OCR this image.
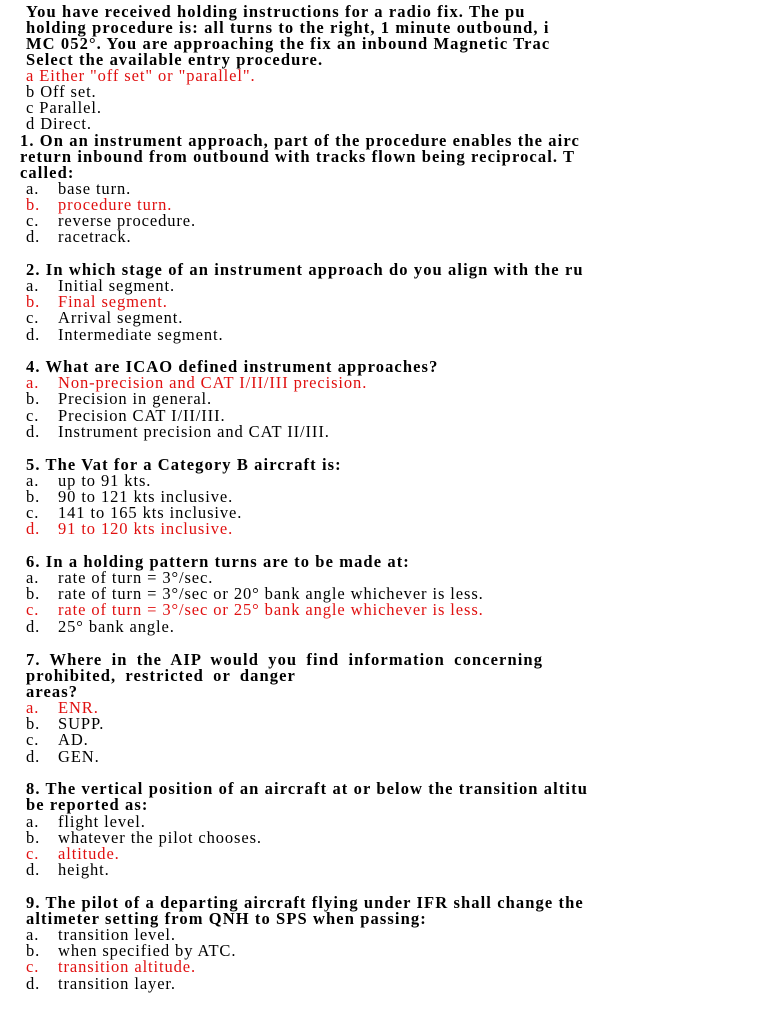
You have received holding instructions for a radio fix. The pu
holding procedure is: all turns to the right, 1 minute outbound, i
MC 052°. You are approaching the fix an inbound Magnetic Trac
Select the available entry procedure.
a Either "off set" or "parallel".
b Off set.
c Parallel.
d Direct.
1. On an instrument approach, part of the procedure enables the airc
return inbound from outbound with tracks flown being reciprocal. T
called:
a. base turn.
b. procedure turn.
c. reverse procedure.
d. racetrack.
2. In which stage of an instrument approach do you align with the ru
a. Initial segment.
b. Final segment.
c. Arrival segment.
d. Intermediate segment.
4. What are ICAO defined instrument approaches?
a. Non-precision and CAT I/II/III precision.
b. Precision in general.
c. Precision CAT I/II/III.
d. Instrument precision and CAT II/III.
5. The Vat for a Category B aircraft is:
a. up to 91 kts.
b. 90 to 121 kts inclusive.
c. 141 to 165 kts inclusive.
d. 91 to 120 kts inclusive.
6. In a holding pattern turns are to be made at:
a. rate of turn = 3°/sec.
b. rate of turn = 3°/sec or 20° bank angle whichever is less.
c. rate of turn = 3°/sec or 25° bank angle whichever is less.
d. 25° bank angle.
7. Where in the AIP would you find information concerning
prohibited, restricted or danger
areas?
a. ENR.
b. SUPP.
c. AD.
d. GEN.
8. The vertical position of an aircraft at or below the transition altitu
be reported as:
a. flight level.
b. whatever the pilot chooses.
c. altitude.
d. height.
9. The pilot of a departing aircraft flying under IFR shall change the
altimeter setting from QNH to SPS when passing:
a. transition level.
b. when specified by ATC.
c. transition altitude.
d. transition layer.
